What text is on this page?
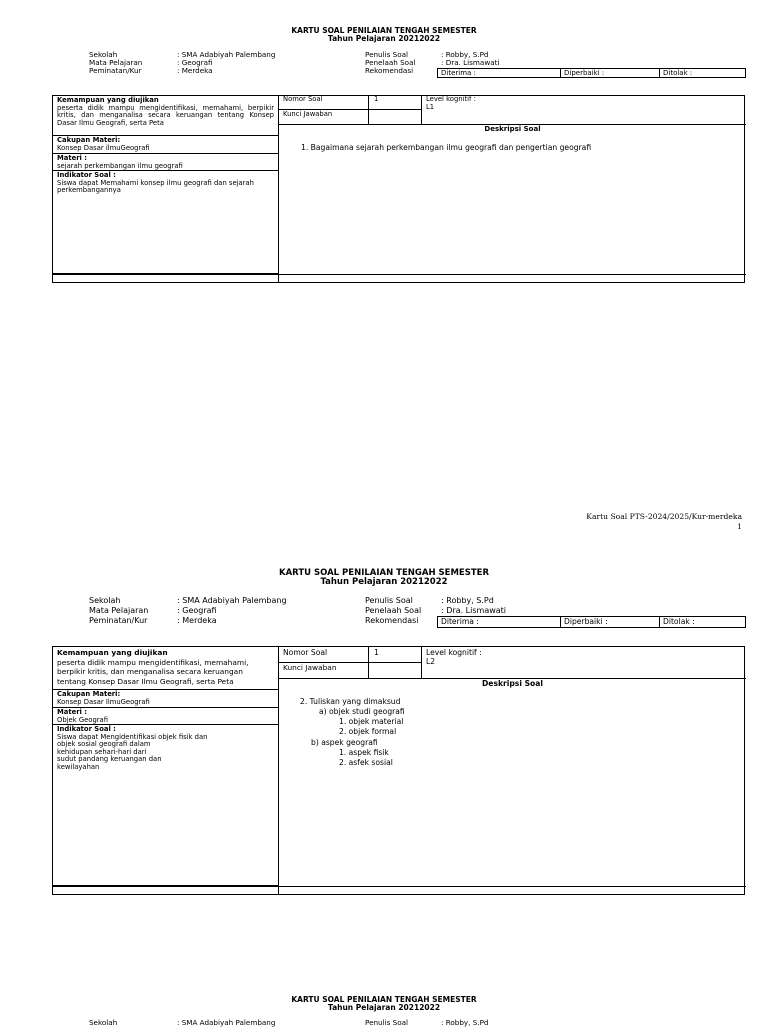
KARTU SOAL PENILAIAN TENGAH SEMESTER
Tahun Pelajaran 20212022
Sekolah	: SMA Adabiyah Palembang
Mata Pelajaran	: Geografi
Peminatan/Kur	: Merdeka
Penulis Soal	: Robby, S.Pd
Penelaah Soal	: Dra. Lismawati
Rekomendasi	Diterima :	Diperbaiki :	Ditolak :
Kemampuan yang diujikan
peserta didik mampu mengidentifikasi, memahami, berpikir kritis, dan menganalisa secara keruangan tentang Konsep Dasar Ilmu Geografi, serta Peta
Cakupan Materi:
Konsep Dasar ilmuGeografi
Materi :
sejarah perkembangan ilmu geografi
Indikator Soal :
Siswa dapat Memahami konsep ilmu geografi dan sejarah perkembangannya
Nomor Soal	1	Level kognitif :
L1
Kunci Jawaban
Deskripsi Soal
1. Bagaimana sejarah perkembangan ilmu geografi dan pengertian geografi
Kartu Soal PTS-2024/2025/Kur-merdeka
1
KARTU SOAL PENILAIAN TENGAH SEMESTER
Tahun Pelajaran 20212022
Sekolah	: SMA Adabiyah Palembang
Mata Pelajaran	: Geografi
Peminatan/Kur	: Merdeka
Penulis Soal	: Robby, S.Pd
Penelaah Soal : Dra. Lismawati
Rekomendasi	Diterima :	Diperbaiki :	Ditolak :
Kemampuan yang diujikan
peserta didik mampu mengidentifikasi, memahami, berpikir kritis, dan menganalisa secara keruangan tentang Konsep Dasar Ilmu Geografi, serta Peta
Cakupan Materi:
Konsep Dasar IlmuGeografi
Materi :
Objek Geografi
Indikator Soal :
Siswa dapat Mengidentifikasi objek fisik dan
objek sosial geografi dalam
kehidupan sehari-hari dari
sudut pandang keruangan dan
kewilayahan
Nomor Soal	1	Level kognitif :
L2
Kunci Jawaban
Deskripsi Soal
2. Tuliskan yang dimaksud
a) objek studi geografi
1. objek material
2. objek formal
b) aspek geografi
1. aspek fisik
2. asfek sosial
KARTU SOAL PENILAIAN TENGAH SEMESTER
Tahun Pelajaran 20212022
Sekolah	: SMA Adabiyah Palembang	Penulis Soal	: Robby, S.Pd
